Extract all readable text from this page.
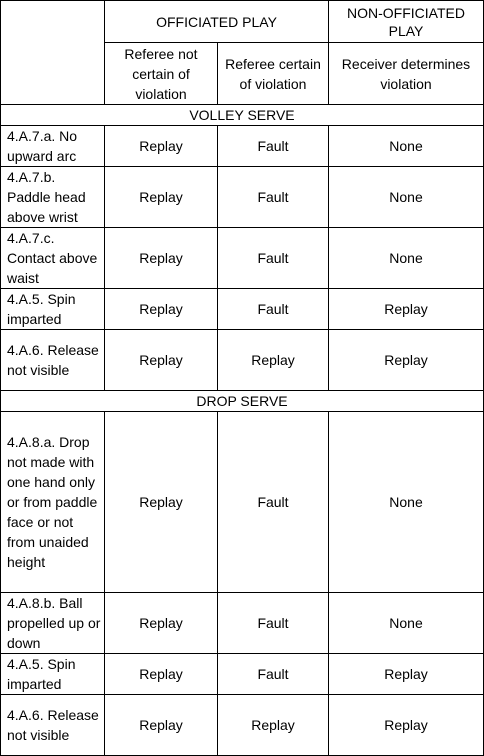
	OFFICIATED PLAY		NON-OFFICIATED PLAY
	Referee not certain of violation	Referee certain of violation	Receiver determines violation
VOLLEY SERVE			
4.A.7.a. No upward arc	Replay	Fault	None
4.A.7.b. Paddle head above wrist	Replay	Fault	None
4.A.7.c. Contact above waist	Replay	Fault	None
4.A.5. Spin imparted	Replay	Fault	Replay
4.A.6. Release not visible	Replay	Replay	Replay
DROP SERVE			
4.A.8.a. Drop not made with one hand only or from paddle face or not from unaided height	Replay	Fault	None
4.A.8.b. Ball propelled up or down	Replay	Fault	None
4.A.5. Spin imparted	Replay	Fault	Replay
4.A.6. Release not visible	Replay	Replay	Replay
